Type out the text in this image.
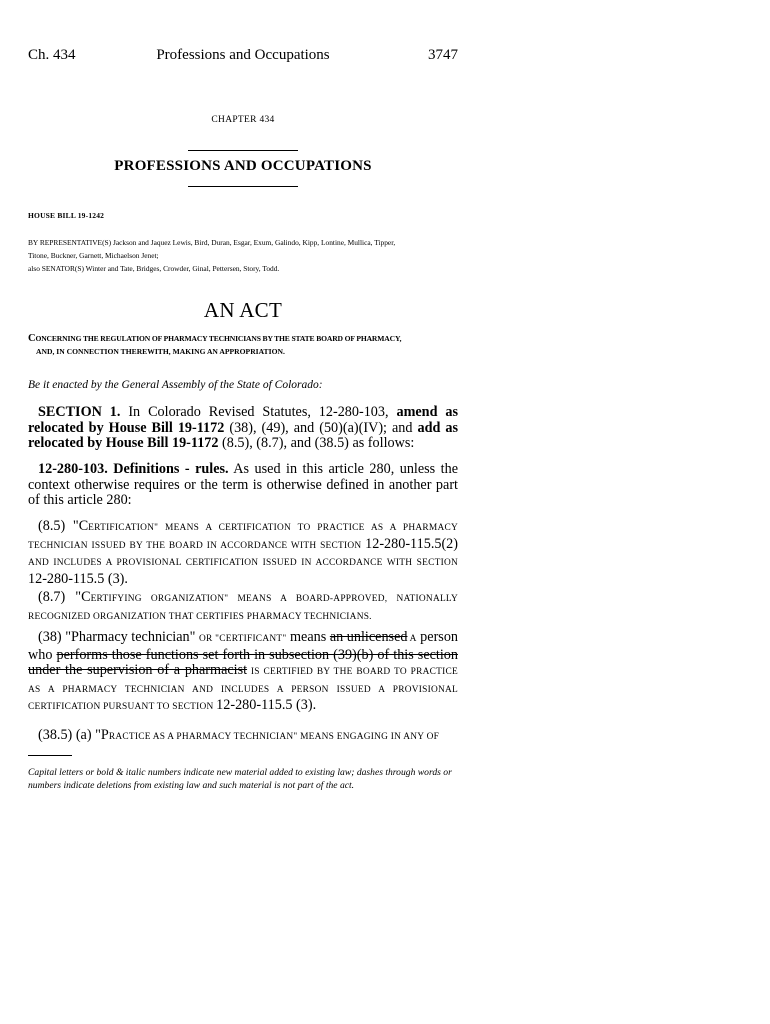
Ch. 434	Professions and Occupations	3747
CHAPTER 434
PROFESSIONS AND OCCUPATIONS
HOUSE BILL 19-1242
BY REPRESENTATIVE(S) Jackson and Jaquez Lewis, Bird, Duran, Esgar, Exum, Galindo, Kipp, Lontine, Mullica, Tipper,
Titone, Buckner, Garnett, Michaelson Jenet;
also SENATOR(S) Winter and Tate, Bridges, Crowder, Ginal, Pettersen, Story, Todd.
AN ACT
CONCERNING THE REGULATION OF PHARMACY TECHNICIANS BY THE STATE BOARD OF PHARMACY,
AND, IN CONNECTION THEREWITH, MAKING AN APPROPRIATION.
Be it enacted by the General Assembly of the State of Colorado:

SECTION 1. In Colorado Revised Statutes, 12-280-103, amend as relocated by House Bill 19-1172 (38), (49), and (50)(a)(IV); and add as relocated by House Bill 19-1172 (8.5), (8.7), and (38.5) as follows:

12-280-103. Definitions - rules. As used in this article 280, unless the context otherwise requires or the term is otherwise defined in another part of this article 280:

(8.5) "CERTIFICATION" MEANS A CERTIFICATION TO PRACTICE AS A PHARMACY TECHNICIAN ISSUED BY THE BOARD IN ACCORDANCE WITH SECTION 12-280-115.5(2) AND INCLUDES A PROVISIONAL CERTIFICATION ISSUED IN ACCORDANCE WITH SECTION 12-280-115.5 (3).

(8.7) "CERTIFYING ORGANIZATION" MEANS A BOARD-APPROVED, NATIONALLY RECOGNIZED ORGANIZATION THAT CERTIFIES PHARMACY TECHNICIANS.

(38) "Pharmacy technician" OR "CERTIFICANT" means an unlicensed A person who performs those functions set forth in subsection (39)(b) of this section under the supervision of a pharmacist IS CERTIFIED BY THE BOARD TO PRACTICE AS A PHARMACY TECHNICIAN AND INCLUDES A PERSON ISSUED A PROVISIONAL CERTIFICATION PURSUANT TO SECTION 12-280-115.5 (3).

(38.5) (a) "PRACTICE AS A PHARMACY TECHNICIAN" MEANS ENGAGING IN ANY OF

Capital letters or bold & italic numbers indicate new material added to existing law; dashes through words or numbers indicate deletions from existing law and such material is not part of the act.
